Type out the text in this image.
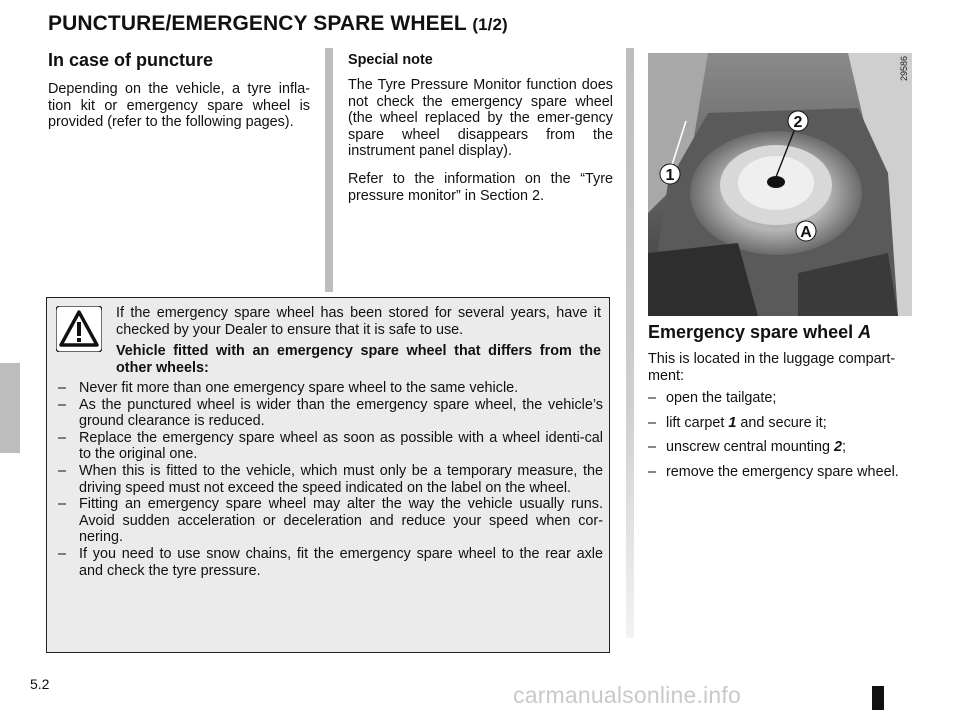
PUNCTURE/EMERGENCY SPARE WHEEL (1/2)
In case of puncture

Depending on the vehicle, a tyre infla-tion kit or emergency spare wheel is provided (refer to the following pages).

Special note

The Tyre Pressure Monitor function does not check the emergency spare wheel (the wheel replaced by the emer-gency spare wheel disappears from the instrument panel display).

Refer to the information on the “Tyre pressure monitor” in Section 2.

1
2
A
29586
Emergency spare wheel A

This is located in the luggage compart-ment:

– open the tailgate;
– lift carpet 1 and secure it;
– unscrew central mounting 2;
– remove the emergency spare wheel.

If the emergency spare wheel has been stored for several years, have it checked by your Dealer to ensure that it is safe to use.

Vehicle fitted with an emergency spare wheel that differs from the other wheels:

– Never fit more than one emergency spare wheel to the same vehicle.
– As the punctured wheel is wider than the emergency spare wheel, the vehicle’s ground clearance is reduced.
– Replace the emergency spare wheel as soon as possible with a wheel identi-cal to the original one.
– When this is fitted to the vehicle, which must only be a temporary measure, the driving speed must not exceed the speed indicated on the label on the wheel.
– Fitting an emergency spare wheel may alter the way the vehicle usually runs. Avoid sudden acceleration or deceleration and reduce your speed when cor-nering.
– If you need to use snow chains, fit the emergency spare wheel to the rear axle and check the tyre pressure.
5.2	carmanualsonline.info
